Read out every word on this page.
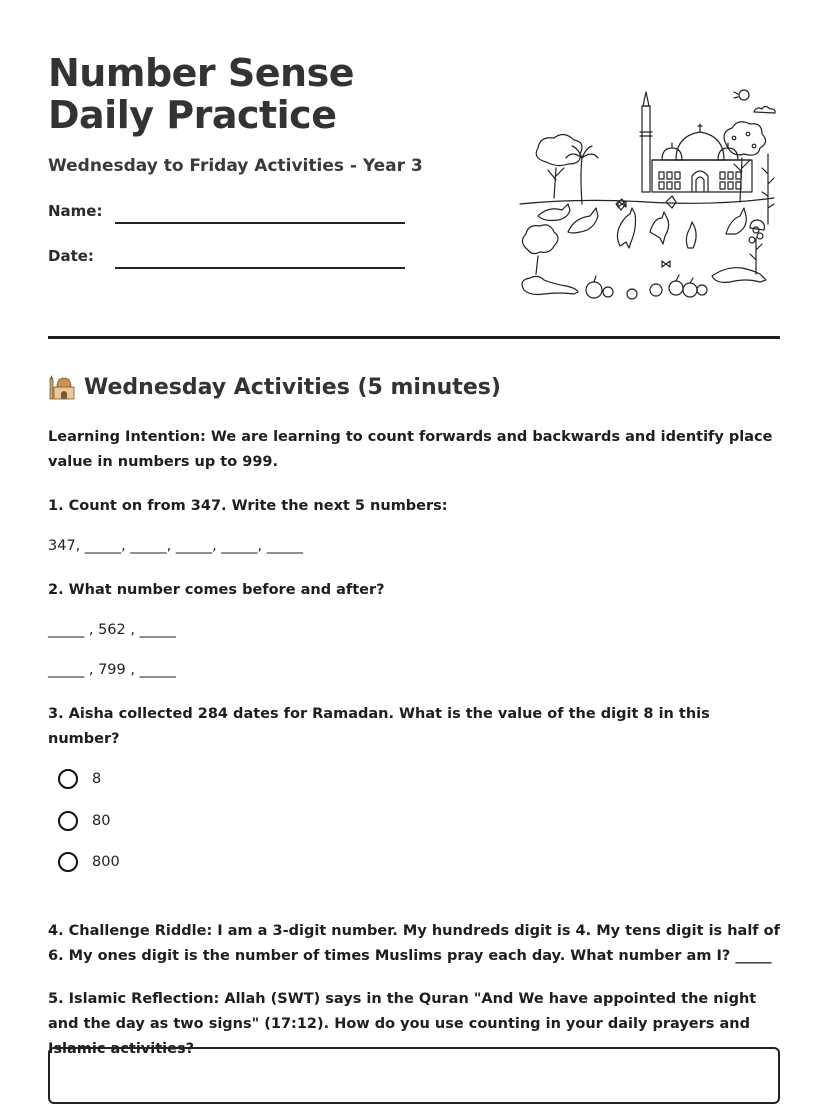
Number Sense Daily Practice
Wednesday to Friday Activities - Year 3
Name:
Date:
Wednesday Activities (5 minutes)

Learning Intention: We are learning to count forwards and backwards and identify place value in numbers up to 999.

1. Count on from 347. Write the next 5 numbers:

347, _____, _____, _____, _____, _____

2. What number comes before and after?

_____ , 562 , _____

_____ , 799 , _____

3. Aisha collected 284 dates for Ramadan. What is the value of the digit 8 in this number?

8
80
800

4. Challenge Riddle: I am a 3-digit number. My hundreds digit is 4. My tens digit is half of 6. My ones digit is the number of times Muslims pray each day. What number am I? _____

5. Islamic Reflection: Allah (SWT) says in the Quran "And We have appointed the night and the day as two signs" (17:12). How do you use counting in your daily prayers and Islamic activities?
